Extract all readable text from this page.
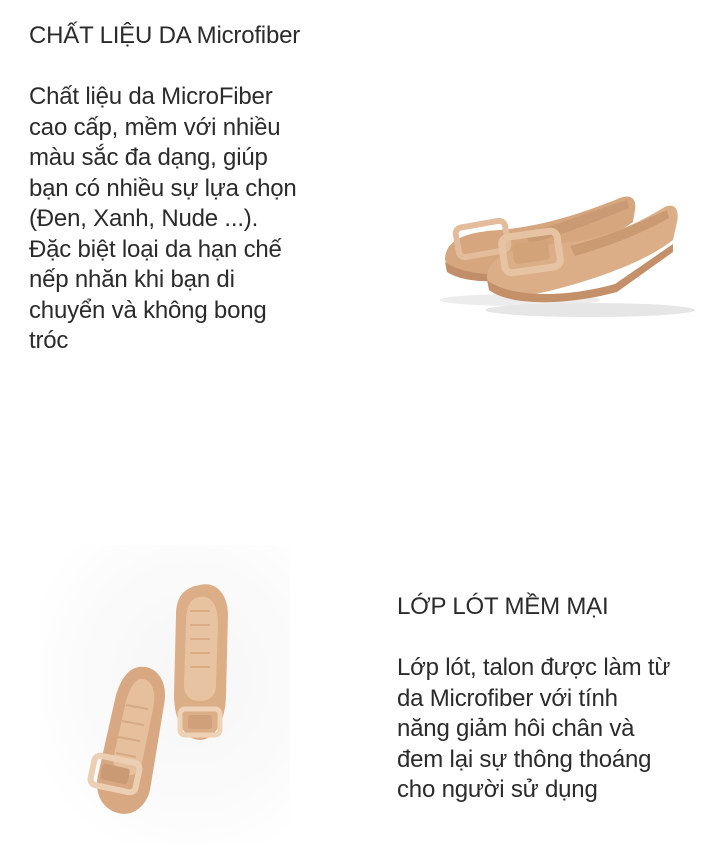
CHẤT LIỆU DA Microfiber

Chất liệu da MicroFiber
cao cấp, mềm với nhiều
màu sắc đa dạng, giúp
bạn có nhiều sự lựa chọn
(Đen, Xanh, Nude ...).
Đặc biệt loại da hạn chế
nếp nhăn khi bạn di
chuyển và không bong
tróc

LỚP LÓT MỀM MẠI

Lớp lót, talon được làm từ
da Microfiber với tính
năng giảm hôi chân và
đem lại sự thông thoáng
cho người sử dụng
